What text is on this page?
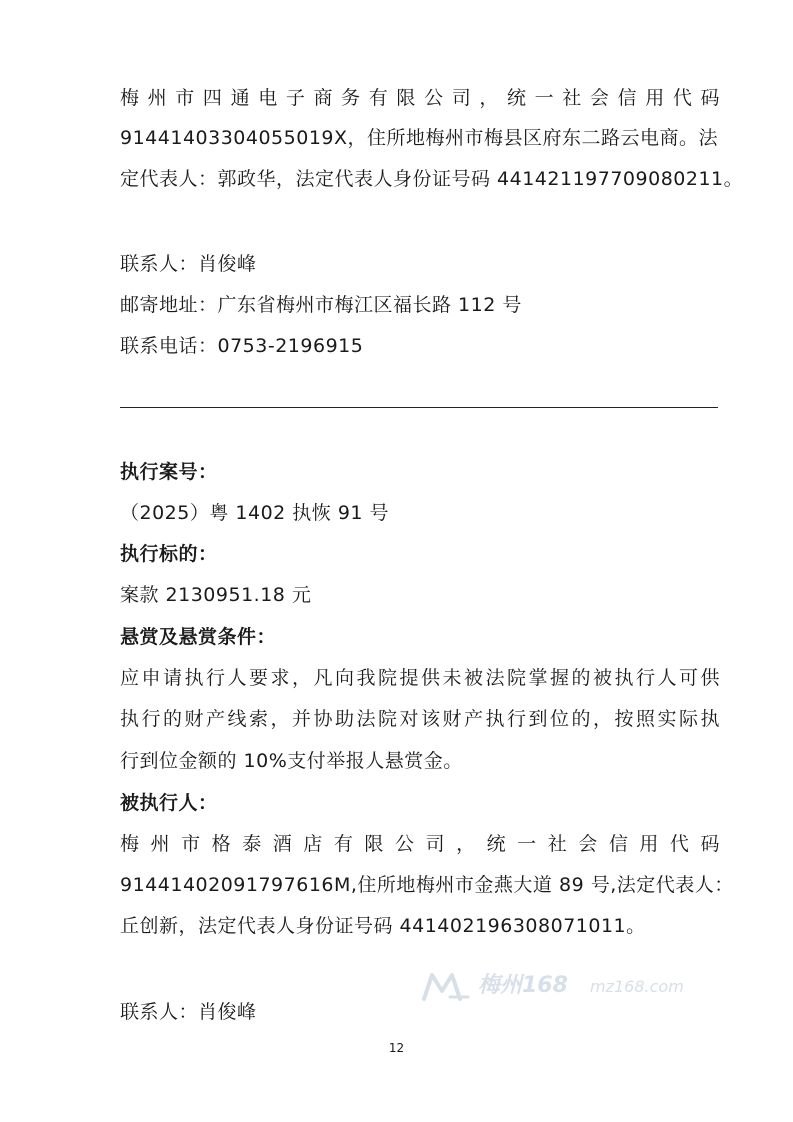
梅州市四通电子商务有限公司，统一社会信用代码
91441403304055019X，住所地梅州市梅县区府东二路云电商。法
定代表人：郭政华，法定代表人身份证号码 441421197709080211。
联系人：肖俊峰
邮寄地址：广东省梅州市梅江区福长路 112 号
联系电话：0753-2196915
执行案号：
（2025）粤 1402 执恢 91 号
执行标的：
案款 2130951.18 元
悬赏及悬赏条件：
应申请执行人要求，凡向我院提供未被法院掌握的被执行人可供
执行的财产线索，并协助法院对该财产执行到位的，按照实际执
行到位金额的 10%支付举报人悬赏金。
被执行人：
梅州市格泰酒店有限公司，统一社会信用代码
91441402091797616M,住所地梅州市金燕大道 89 号,法定代表人：
丘创新，法定代表人身份证号码 441402196308071011。
梅州168 mz168.com
联系人：肖俊峰
12
